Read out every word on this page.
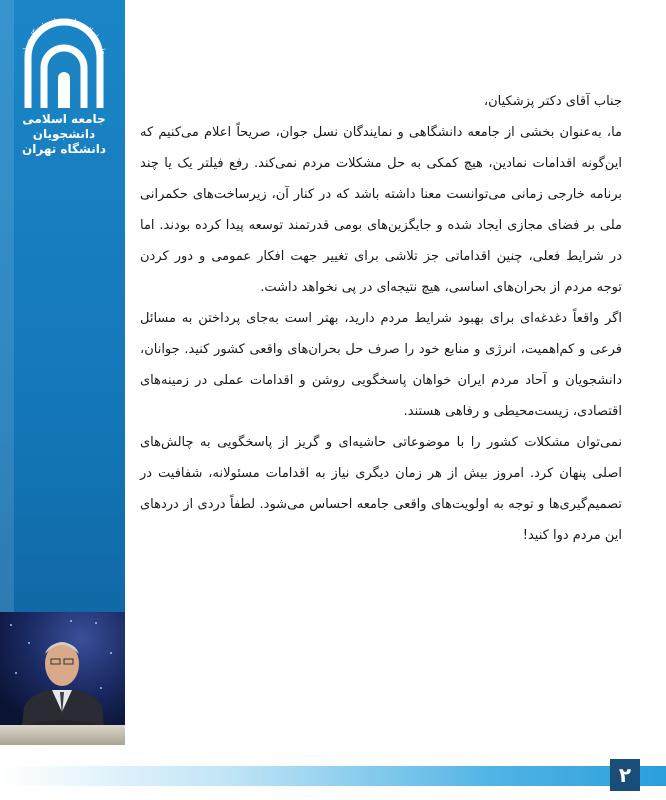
جامعه اسلامی دانشجویان دانشگاه تهران
جامعه اسلامی دانشجویان
دانشگاه تهران

جناب آقای دکتر پزشکیان،

ما، به‌عنوان بخشی از جامعه دانشگاهی و نمایندگان نسل جوان، صریحاً اعلام می‌کنیم که این‌گونه اقدامات نمادین، هیچ کمکی به حل مشکلات مردم نمی‌کند. رفع فیلتر یک یا چند برنامه خارجی زمانی می‌توانست معنا داشته باشد که در کنار آن، زیرساخت‌های حکمرانی ملی بر فضای مجازی ایجاد شده و جایگزین‌های بومی قدرتمند توسعه پیدا کرده بودند. اما در شرایط فعلی، چنین اقداماتی جز تلاشی برای تغییر جهت افکار عمومی و دور کردن توجه مردم از بحران‌های اساسی، هیچ نتیجه‌ای در پی نخواهد داشت.

اگر واقعاً دغدغه‌ای برای بهبود شرایط مردم دارید، بهتر است به‌جای پرداختن به مسائل فرعی و کم‌اهمیت، انرژی و منابع خود را صرف حل بحران‌های واقعی کشور کنید. جوانان، دانشجویان و آحاد مردم ایران خواهان پاسخگویی روشن و اقدامات عملی در زمینه‌های اقتصادی، زیست‌محیطی و رفاهی هستند.

نمی‌توان مشکلات کشور را با موضوعاتی حاشیه‌ای و گریز از پاسخگویی به چالش‌های اصلی پنهان کرد. امروز بیش از هر زمان دیگری نیاز به اقدامات مسئولانه، شفافیت در تصمیم‌گیری‌ها و توجه به اولویت‌های واقعی جامعه احساس می‌شود. لطفاً دردی از دردهای این مردم دوا کنید!

۲
